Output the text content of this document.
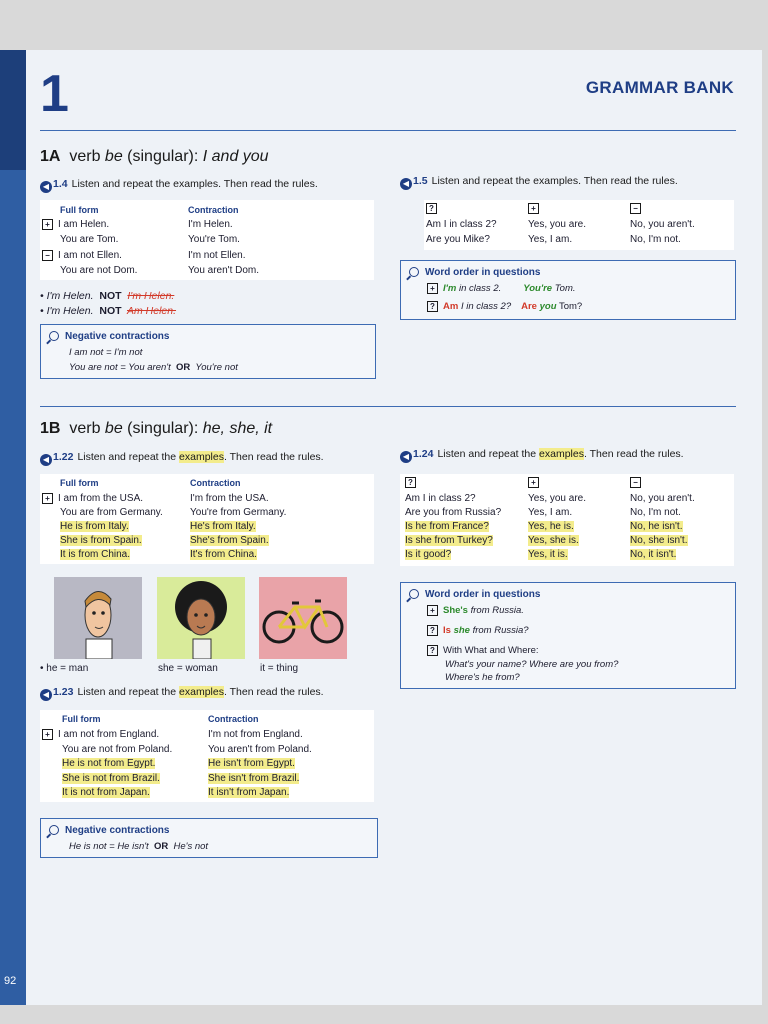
92
1	GRAMMAR BANK
1A verb be (singular): I and you
◀ 1.4 Listen and repeat the examples. Then read the rules.
Full form	Contraction
+ I am Helen.	I'm Helen.
You are Tom.	You're Tom.
− I am not Ellen.	I'm not Ellen.
You are not Dom.	You aren't Dom.
• I'm Helen. NOT I'm Helen.
• I'm Helen. NOT Am Helen.
Negative contractions
I am not = I'm not
You are not = You aren't OR You're not
◀ 1.5 Listen and repeat the examples. Then read the rules.
?	+	−
Am I in class 2?	Yes, you are.	No, you aren't.
Are you Mike?	Yes, I am.	No, I'm not.
Word order in questions
+ I'm in class 2. You're Tom.
? Am I in class 2? Are you Tom?
1B verb be (singular): he, she, it
◀ 1.22 Listen and repeat the examples. Then read the rules.
Full form	Contraction
+ I am from the USA.	I'm from the USA.
You are from Germany.	You're from Germany.
He is from Italy.	He's from Italy.
She is from Spain.	She's from Spain.
It is from China.	It's from China.
• he = man	she = woman	it = thing
◀ 1.23 Listen and repeat the examples. Then read the rules.
Full form	Contraction
+ I am not from England.	I'm not from England.
You are not from Poland.	You aren't from Poland.
He is not from Egypt.	He isn't from Egypt.
She is not from Brazil.	She isn't from Brazil.
It is not from Japan.	It isn't from Japan.
Negative contractions
He is not = He isn't OR He's not
◀ 1.24 Listen and repeat the examples. Then read the rules.
?	+	−
Am I in class 2?	Yes, you are.	No, you aren't.
Are you from Russia?	Yes, I am.	No, I'm not.
Is he from France?	Yes, he is.	No, he isn't.
Is she from Turkey?	Yes, she is.	No, she isn't.
Is it good?	Yes, it is.	No, it isn't.
Word order in questions
+ She's from Russia.
? Is she from Russia?
? With What and Where:
What's your name? Where are you from?
Where's he from?
